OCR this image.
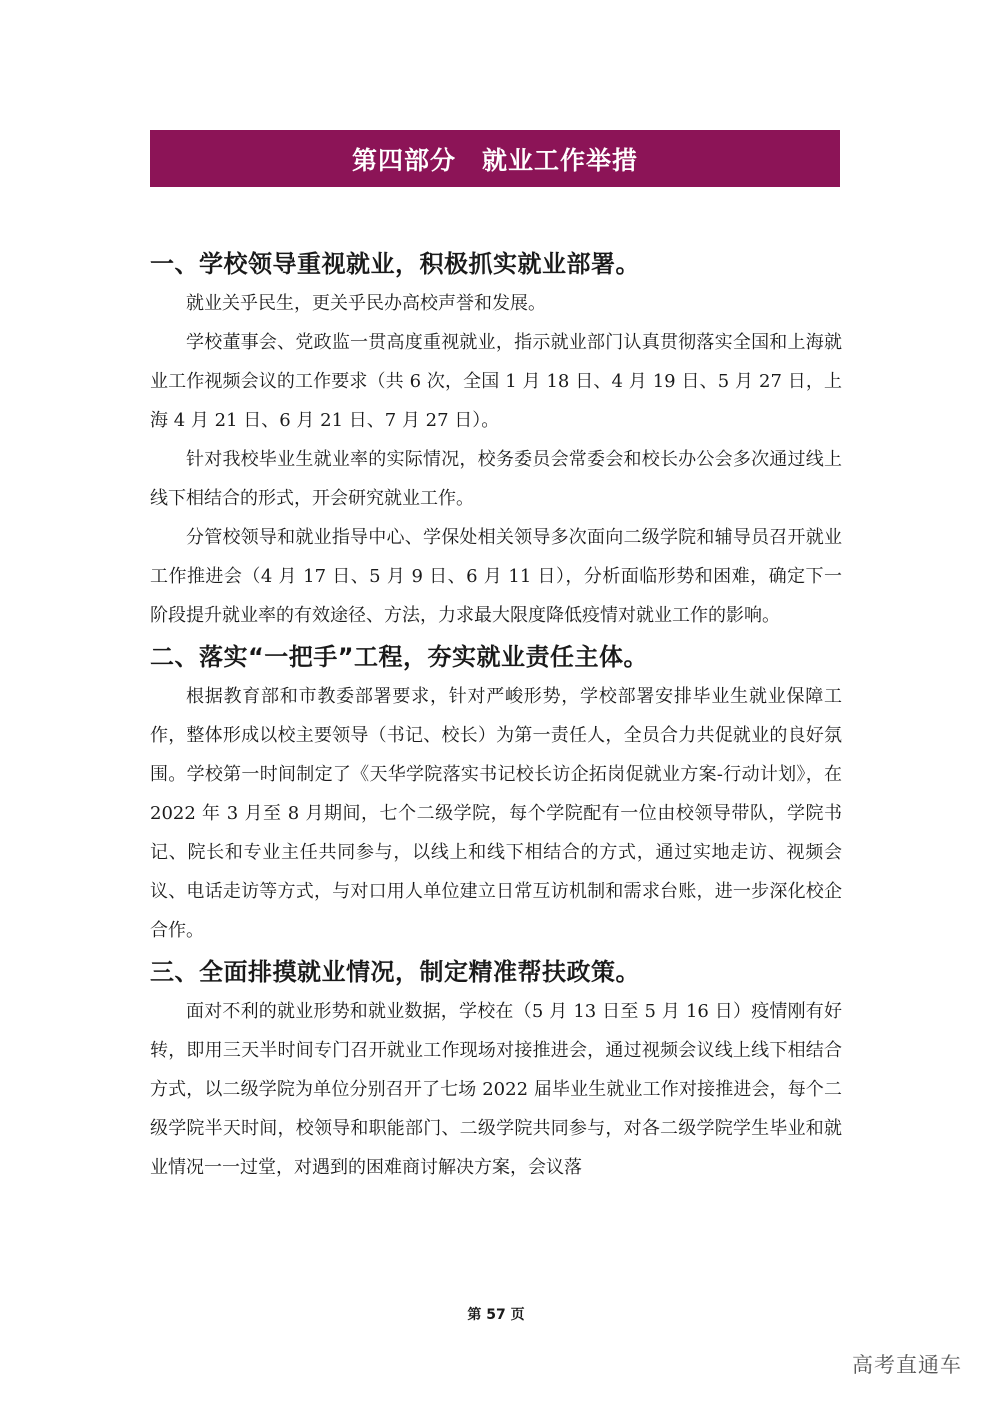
第四部分　就业工作举措
一、学校领导重视就业，积极抓实就业部署。

就业关乎民生，更关乎民办高校声誉和发展。

学校董事会、党政监一贯高度重视就业，指示就业部门认真贯彻落实全国和上海就业工作视频会议的工作要求（共 6 次，全国 1 月 18 日、4 月 19 日、5 月 27 日，上海 4 月 21 日、6 月 21 日、7 月 27 日）。

针对我校毕业生就业率的实际情况，校务委员会常委会和校长办公会多次通过线上线下相结合的形式，开会研究就业工作。

分管校领导和就业指导中心、学保处相关领导多次面向二级学院和辅导员召开就业工作推进会（4 月 17 日、5 月 9 日、6 月 11 日），分析面临形势和困难，确定下一阶段提升就业率的有效途径、方法，力求最大限度降低疫情对就业工作的影响。

二、落实“一把手”工程，夯实就业责任主体。

根据教育部和市教委部署要求，针对严峻形势，学校部署安排毕业生就业保障工作，整体形成以校主要领导（书记、校长）为第一责任人，全员合力共促就业的良好氛围。学校第一时间制定了《天华学院落实书记校长访企拓岗促就业方案-行动计划》，在 2022 年 3 月至 8 月期间，七个二级学院，每个学院配有一位由校领导带队，学院书记、院长和专业主任共同参与，以线上和线下相结合的方式，通过实地走访、视频会议、电话走访等方式，与对口用人单位建立日常互访机制和需求台账，进一步深化校企合作。

三、全面排摸就业情况，制定精准帮扶政策。

面对不利的就业形势和就业数据，学校在（5 月 13 日至 5 月 16 日）疫情刚有好转，即用三天半时间专门召开就业工作现场对接推进会，通过视频会议线上线下相结合方式，以二级学院为单位分别召开了七场 2022 届毕业生就业工作对接推进会，每个二级学院半天时间，校领导和职能部门、二级学院共同参与，对各二级学院学生毕业和就业情况一一过堂，对遇到的困难商讨解决方案，会议落

第 57 页
高考直通车
